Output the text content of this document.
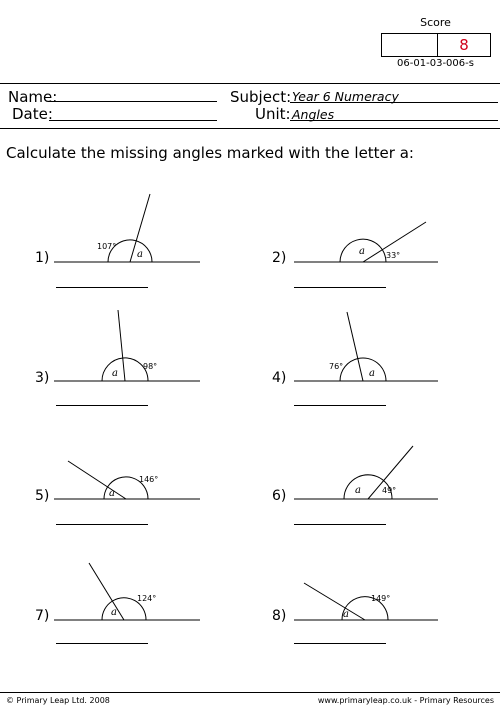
Score
8
06-01-03-006-s
Name:
Date:
Subject: Year 6 Numeracy
Unit: Angles
Calculate the missing angles marked with the letter a:
1)	2)
3)	4)
5)	6)
7)	8)
107°
a	33°
a
98°
a
76°
a
146°
a	49°
a
124°
a
149°
a
© Primary Leap Ltd. 2008	www.primaryleap.co.uk - Primary Resources
